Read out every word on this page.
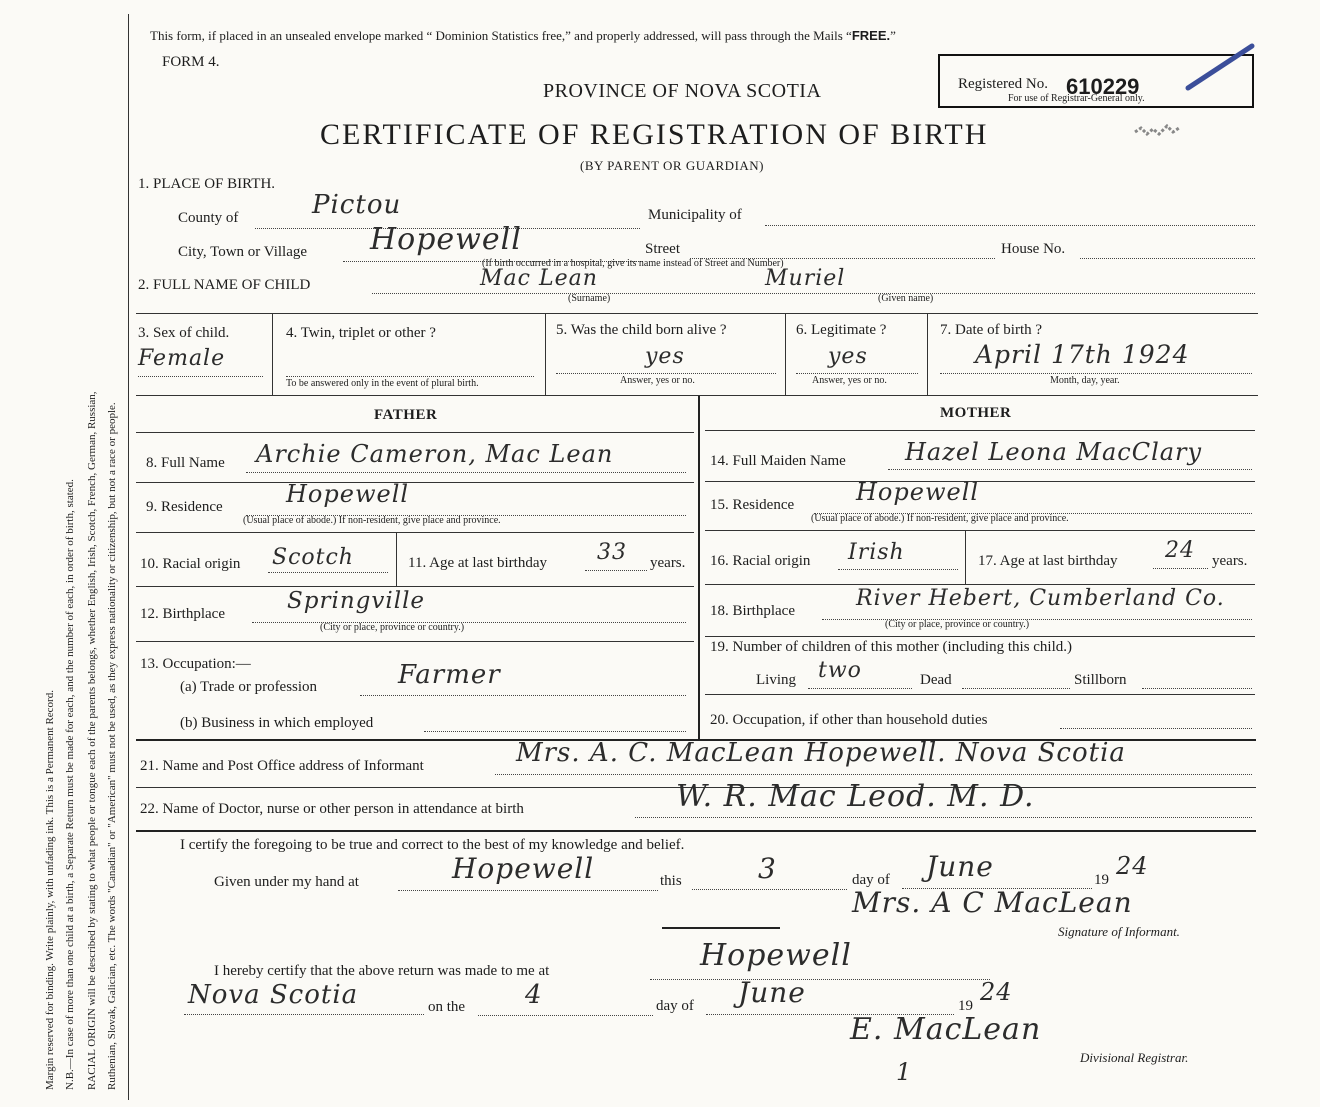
Margin reserved for binding. Write plainly, with unfading ink. This is a Permanent Record. N.B.—In case of more than one child at a birth, a Separate Return must be made for each, and the number of each, in order of birth, stated. RACIAL ORIGIN will be described by stating to what people or tongue each of the parents belongs, whether English, Irish, Scotch, French, German, Russian, Ruthenian, Slovak, Galician, etc. The words "Canadian" or "American" must not be used, as they express nationality or citizenship, but not a race or people.
This form, if placed in an unsealed envelope marked “ Dominion Statistics free,” and properly addressed, will pass through the Mails “FREE.”
FORM 4.
PROVINCE OF NOVA SCOTIA
CERTIFICATE OF REGISTRATION OF BIRTH
(BY PARENT OR GUARDIAN)
Registered No. 610229
For use of Registrar-General only.
1. PLACE OF BIRTH.
County of	Pictou	Municipality of
City, Town or Village Hopewell	Street	House No.
(If birth occurred in a hospital, give its name instead of Street and Number)
2. FULL NAME OF CHILD	Mac Lean
(Surname)
Muriel
(Given name)
3. Sex of child.
Female
4. Twin, triplet or other ?
To be answered only in the event of plural birth.
5. Was the child born alive ?
yes
Answer, yes or no.
6. Legitimate ?
yes
Answer, yes or no.
7. Date of birth ?
April 17th 1924
Month, day, year.
FATHER	MOTHER
8. Full Name Archie Cameron, Mac Lean
9. Residence	Hopewell
(Usual place of abode.) If non-resident, give place and province.
10. Racial origin Scotch	11. Age at last birthday 33 years.
12. Birthplace	Springville
(City or place, province or country.)
13. Occupation:—
(a) Trade or profession	Farmer
(b) Business in which employed
14. Full Maiden Name Hazel Leona MacClary
15. Residence	Hopewell
(Usual place of abode.) If non-resident, give place and province.
16. Racial origin Irish	17. Age at last birthday 24 years.
18. Birthplace	River Hebert, Cumberland Co.
(City or place, province or country.)
19. Number of children of this mother (including this child.)
Living two	Dead	Stillborn
20. Occupation, if other than household duties
21. Name and Post Office address of Informant	Mrs. A. C. MacLean Hopewell. Nova Scotia
22. Name of Doctor, nurse or other person in attendance at birth	W. R. Mac Leod. M. D.
I certify the foregoing to be true and correct to the best of my knowledge and belief.
Given under my hand at	Hopewell	this	3	day of June	19 24
Mrs. A C MacLean
Signature of Informant.
I hereby certify that the above return was made to me at	Hopewell
Nova Scotia	on the 4	day of June	19 24
E. MacLean
Divisional Registrar.
1
